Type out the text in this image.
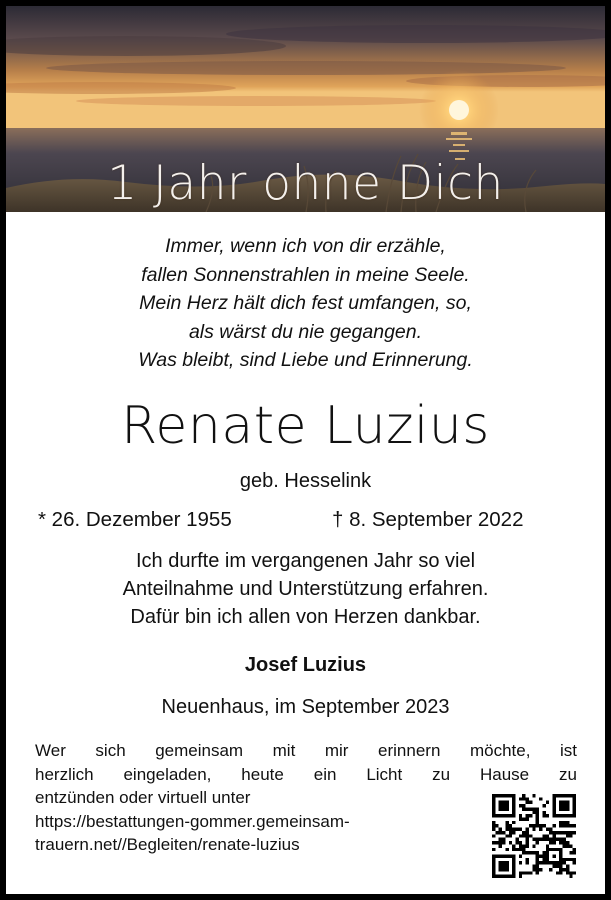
1 Jahr ohne Dich
Immer, wenn ich von dir erzähle,
fallen Sonnenstrahlen in meine Seele.
Mein Herz hält dich fest umfangen, so,
als wärst du nie gegangen.
Was bleibt, sind Liebe und Erinnerung.
Renate Luzius
geb. Hesselink
* 26. Dezember 1955	† 8. September 2022
Ich durfte im vergangenen Jahr so viel
Anteilnahme und Unterstützung erfahren.
Dafür bin ich allen von Herzen dankbar.
Josef Luzius
Neuenhaus, im September 2023
Wer sich gemeinsam mit mir erinnern möchte, ist
herzlich eingeladen, heute ein Licht zu Hause zu
entzünden oder virtuell unter
https://bestattungen-gommer.gemeinsam-
trauern.net//Begleiten/renate-luzius
